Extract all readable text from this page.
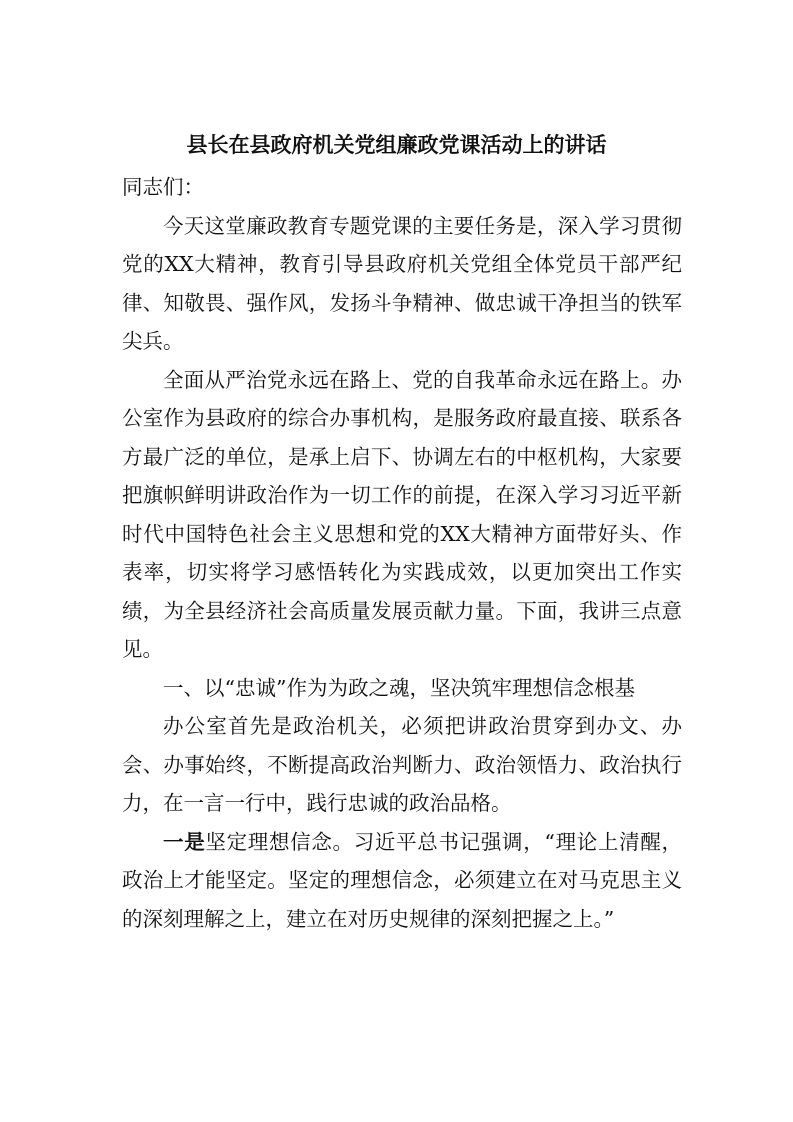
县长在县政府机关党组廉政党课活动上的讲话

同志们：

今天这堂廉政教育专题党课的主要任务是，深入学习贯彻党的XX大精神，教育引导县政府机关党组全体党员干部严纪律、知敬畏、强作风，发扬斗争精神、做忠诚干净担当的铁军尖兵。

全面从严治党永远在路上、党的自我革命永远在路上。办公室作为县政府的综合办事机构，是服务政府最直接、联系各方最广泛的单位，是承上启下、协调左右的中枢机构，大家要把旗帜鲜明讲政治作为一切工作的前提，在深入学习习近平新时代中国特色社会主义思想和党的XX大精神方面带好头、作表率，切实将学习感悟转化为实践成效，以更加突出工作实绩，为全县经济社会高质量发展贡献力量。下面，我讲三点意见。

一、以“忠诚”作为为政之魂，坚决筑牢理想信念根基

办公室首先是政治机关，必须把讲政治贯穿到办文、办会、办事始终，不断提高政治判断力、政治领悟力、政治执行力，在一言一行中，践行忠诚的政治品格。

一是坚定理想信念。习近平总书记强调，“理论上清醒，政治上才能坚定。坚定的理想信念，必须建立在对马克思主义的深刻理解之上，建立在对历史规律的深刻把握之上。”
